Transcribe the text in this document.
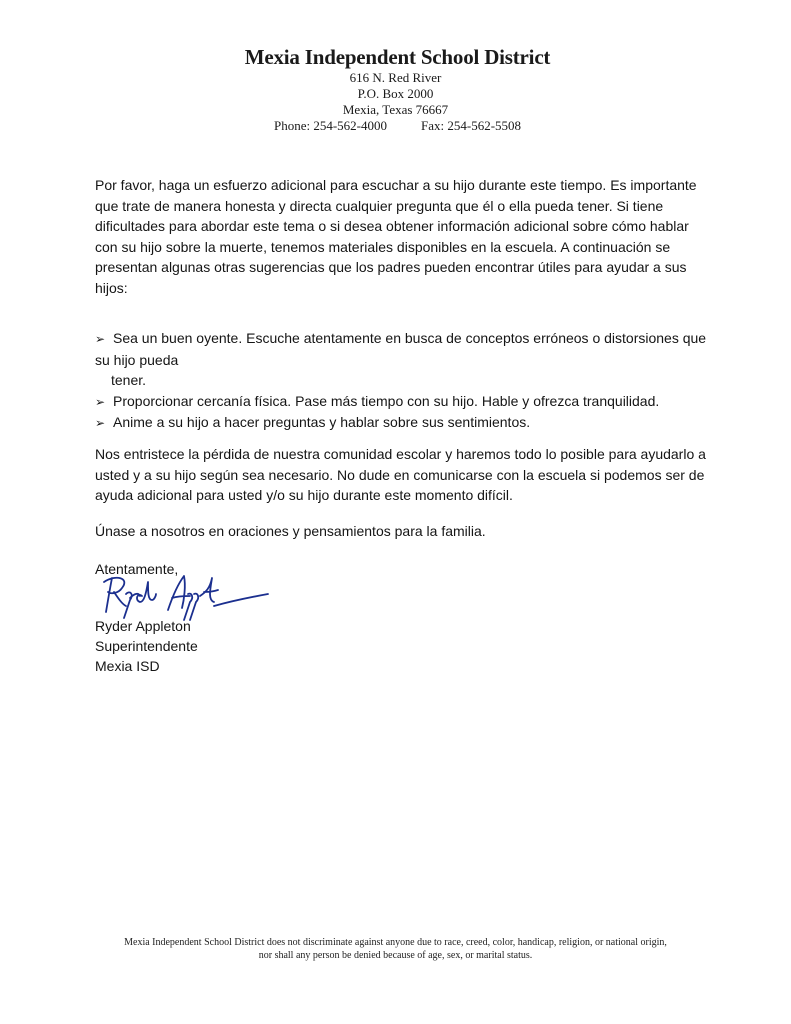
Mexia Independent School District
616 N. Red River
P.O. Box 2000
Mexia, Texas 76667
Phone: 254-562-4000	Fax: 254-562-5508

Por favor, haga un esfuerzo adicional para escuchar a su hijo durante este tiempo. Es importante que trate de manera honesta y directa cualquier pregunta que él o ella pueda tener. Si tiene dificultades para abordar este tema o si desea obtener información adicional sobre cómo hablar con su hijo sobre la muerte, tenemos materiales disponibles en la escuela. A continuación se presentan algunas otras sugerencias que los padres pueden encontrar útiles para ayudar a sus hijos:

➢ Sea un buen oyente. Escuche atentamente en busca de conceptos erróneos o distorsiones que su hijo pueda
tener.
➢ Proporcionar cercanía física. Pase más tiempo con su hijo. Hable y ofrezca tranquilidad.
➢ Anime a su hijo a hacer preguntas y hablar sobre sus sentimientos.

Nos entristece la pérdida de nuestra comunidad escolar y haremos todo lo posible para ayudarlo a usted y a su hijo según sea necesario. No dude en comunicarse con la escuela si podemos ser de ayuda adicional para usted y/o su hijo durante este momento difícil.

Únase a nosotros en oraciones y pensamientos para la familia.

Atentamente,
Ryder Appleton
Superintendente
Mexia ISD
Mexia Independent School District does not discriminate against anyone due to race, creed, color, handicap, religion, or national origin,
nor shall any person be denied because of age, sex, or marital status.
